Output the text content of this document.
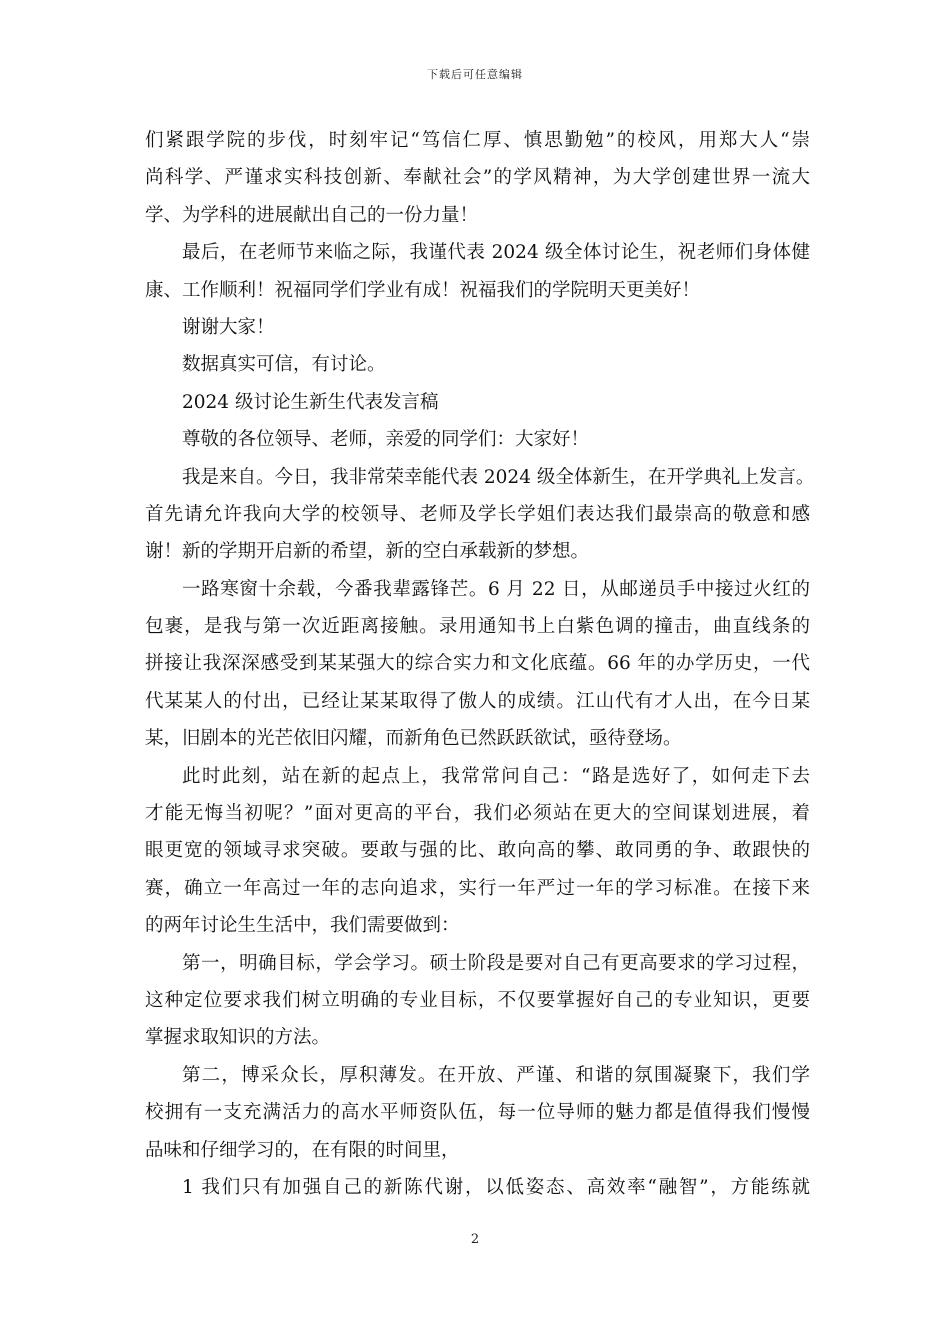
下载后可任意编辑
们紧跟学院的步伐，时刻牢记“笃信仁厚、慎思勤勉”的校风，用郑大人“崇
尚科学、严谨求实科技创新、奉献社会”的学风精神，为大学创建世界一流大
学、为学科的进展献出自己的一份力量！
最后，在老师节来临之际，我谨代表 2024 级全体讨论生，祝老师们身体健
康、工作顺利！祝福同学们学业有成！祝福我们的学院明天更美好！
谢谢大家！
数据真实可信，有讨论。
2024 级讨论生新生代表发言稿
尊敬的各位领导、老师，亲爱的同学们：大家好！
我是来自。今日，我非常荣幸能代表 2024 级全体新生，在开学典礼上发言。
首先请允许我向大学的校领导、老师及学长学姐们表达我们最崇高的敬意和感
谢！新的学期开启新的希望，新的空白承载新的梦想。
一路寒窗十余载，今番我辈露锋芒。6 月 22 日，从邮递员手中接过火红的
包裹，是我与第一次近距离接触。录用通知书上白紫色调的撞击，曲直线条的
拼接让我深深感受到某某强大的综合实力和文化底蕴。66 年的办学历史，一代
代某某人的付出，已经让某某取得了傲人的成绩。江山代有才人出，在今日某
某，旧剧本的光芒依旧闪耀，而新角色已然跃跃欲试，亟待登场。
此时此刻，站在新的起点上，我常常问自己：“路是选好了，如何走下去
才能无悔当初呢？”面对更高的平台，我们必须站在更大的空间谋划进展，着
眼更宽的领域寻求突破。要敢与强的比、敢向高的攀、敢同勇的争、敢跟快的
赛，确立一年高过一年的志向追求，实行一年严过一年的学习标准。在接下来
的两年讨论生生活中，我们需要做到：
第一，明确目标，学会学习。硕士阶段是要对自己有更高要求的学习过程，
这种定位要求我们树立明确的专业目标，不仅要掌握好自己的专业知识，更要
掌握求取知识的方法。
第二，博采众长，厚积薄发。在开放、严谨、和谐的氛围凝聚下，我们学
校拥有一支充满活力的高水平师资队伍，每一位导师的魅力都是值得我们慢慢
品味和仔细学习的，在有限的时间里，
1 我们只有加强自己的新陈代谢，以低姿态、高效率“融智”，方能练就
2
